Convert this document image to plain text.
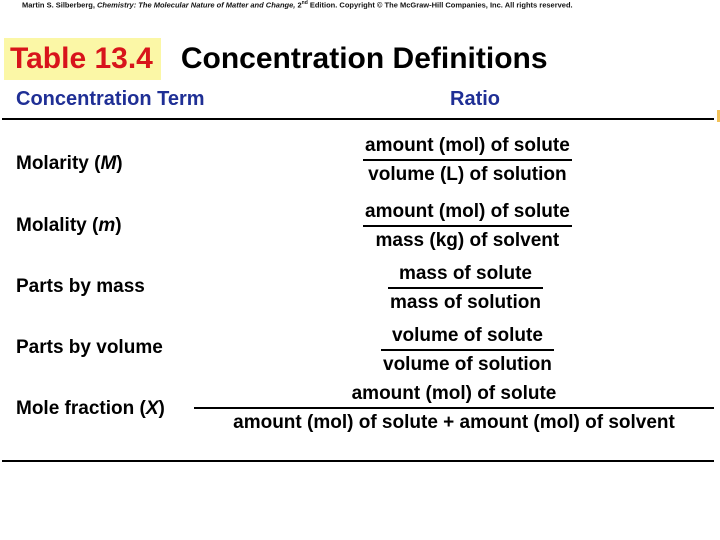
Martin S. Silberberg, Chemistry: The Molecular Nature of Matter and Change, 2nd Edition. Copyright © The McGraw-Hill Companies, Inc. All rights reserved.
Table 13.4 Concentration Definitions
Concentration Term	Ratio
Molarity (M)
amount (mol) of solute
volume (L) of solution
Molality (m)
amount (mol) of solute
mass (kg) of solvent
Parts by mass
mass of solute
mass of solution
Parts by volume
volume of solute
volume of solution
Mole fraction (X)
amount (mol) of solute
amount (mol) of solute + amount (mol) of solvent
